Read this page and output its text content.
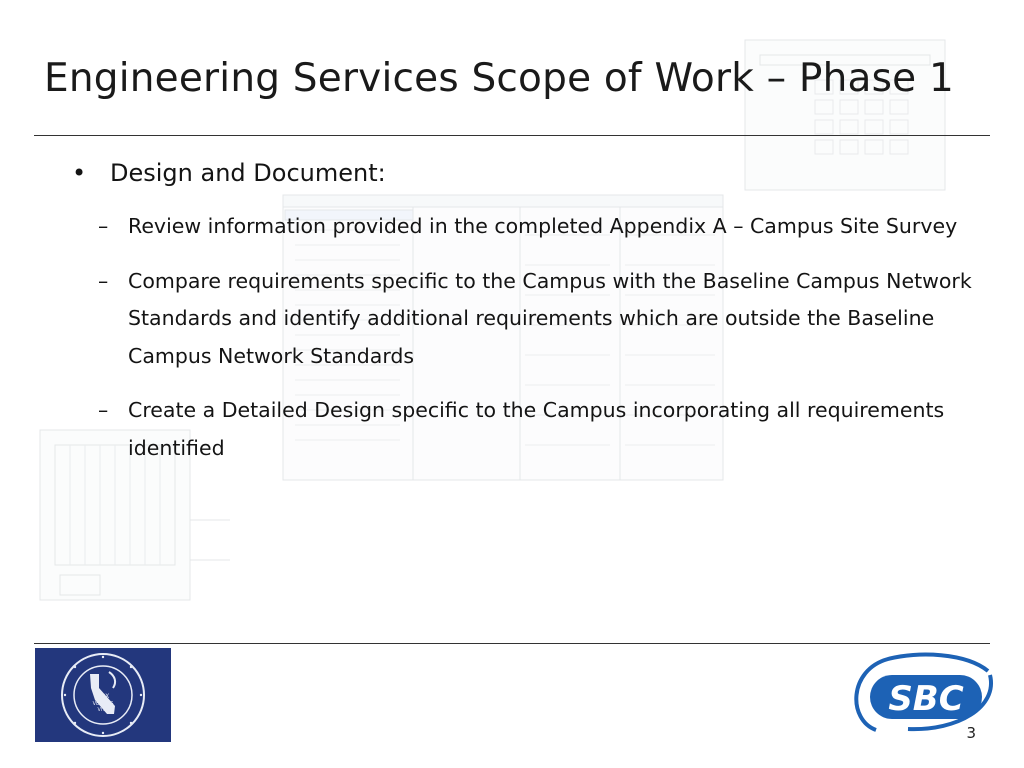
Engineering Services Scope of Work – Phase 1
• Design and Document:
– Review information provided in the completed Appendix A – Campus Site Survey
– Compare requirements specific to the Campus with the Baseline Campus Network Standards and identify additional requirements which are outside the Baseline Campus Network Standards
– Create a Detailed Design specific to the Campus incorporating all requirements identified
VOX
VERITAS
VITA	SBC
3
